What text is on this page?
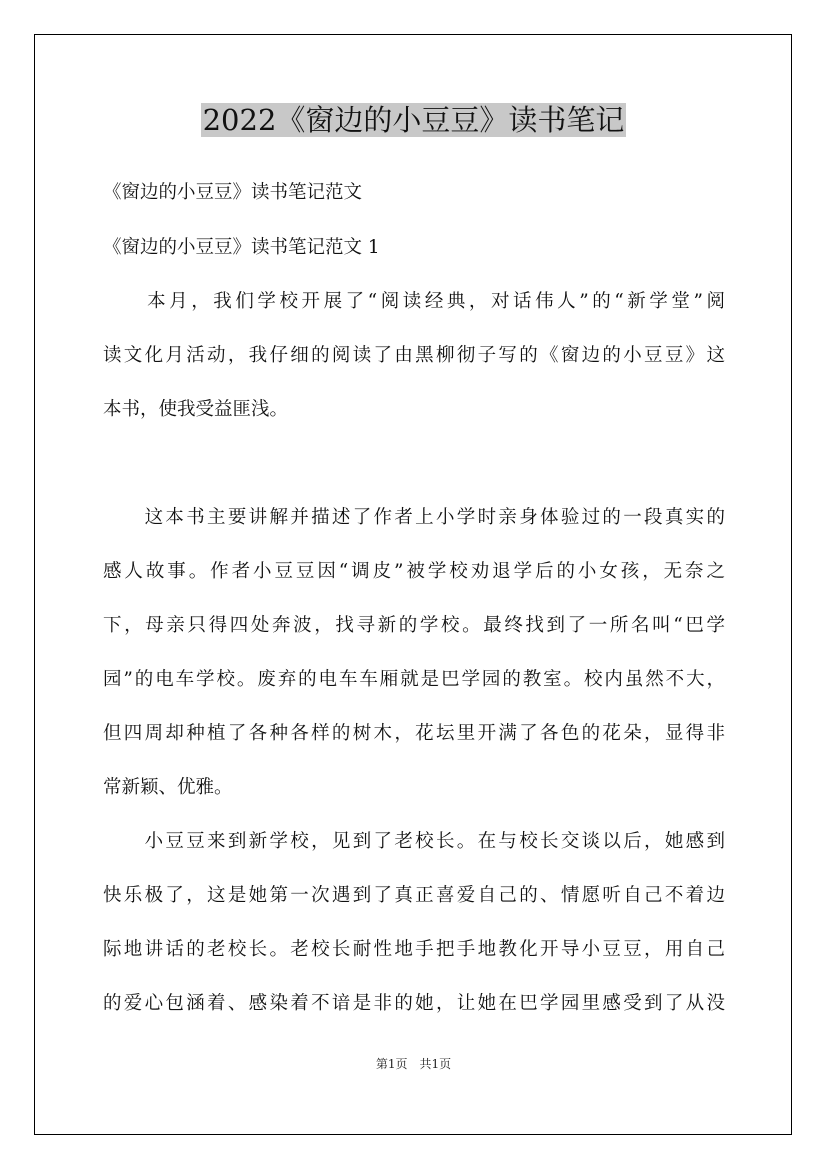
2022《窗边的小豆豆》读书笔记

《窗边的小豆豆》读书笔记范文

《窗边的小豆豆》读书笔记范文 1

　　本月，我们学校开展了“阅读经典，对话伟人”的“新学堂”阅

读文化月活动，我仔细的阅读了由黑柳彻子写的《窗边的小豆豆》这

本书，使我受益匪浅。

　　这本书主要讲解并描述了作者上小学时亲身体验过的一段真实的

感人故事。作者小豆豆因“调皮”被学校劝退学后的小女孩，无奈之

下，母亲只得四处奔波，找寻新的学校。最终找到了一所名叫“巴学

园”的电车学校。废弃的电车车厢就是巴学园的教室。校内虽然不大，

但四周却种植了各种各样的树木，花坛里开满了各色的花朵，显得非

常新颖、优雅。

　　小豆豆来到新学校，见到了老校长。在与校长交谈以后，她感到

快乐极了，这是她第一次遇到了真正喜爱自己的、情愿听自己不着边

际地讲话的老校长。老校长耐性地手把手地教化开导小豆豆，用自己

的爱心包涵着、感染着不谙是非的她，让她在巴学园里感受到了从没

第1页　共1页
